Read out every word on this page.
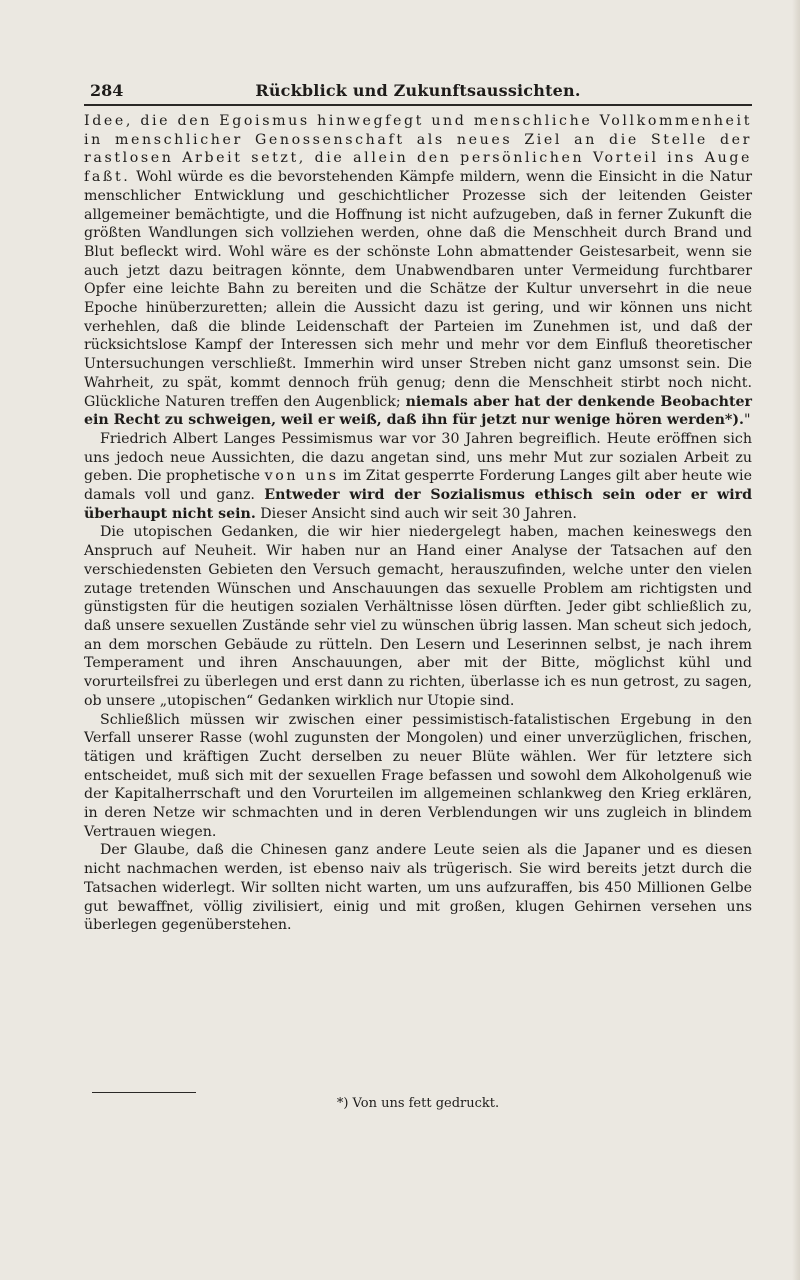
284	Rückblick und Zukunftsaussichten.

Idee, die den Egoismus hinwegfegt und menschliche Vollkommenheit in menschlicher Genossenschaft als neues Ziel an die Stelle der rastlosen Arbeit setzt, die allein den persönlichen Vorteil ins Auge faßt. Wohl würde es die bevorstehenden Kämpfe mildern, wenn die Einsicht in die Natur menschlicher Entwicklung und geschichtlicher Prozesse sich der leitenden Geister allgemeiner bemächtigte, und die Hoffnung ist nicht aufzugeben, daß in ferner Zukunft die größten Wandlungen sich vollziehen werden, ohne daß die Menschheit durch Brand und Blut befleckt wird. Wohl wäre es der schönste Lohn abmattender Geistesarbeit, wenn sie auch jetzt dazu beitragen könnte, dem Unabwendbaren unter Vermeidung furchtbarer Opfer eine leichte Bahn zu bereiten und die Schätze der Kultur unversehrt in die neue Epoche hinüberzuretten; allein die Aussicht dazu ist gering, und wir können uns nicht verhehlen, daß die blinde Leidenschaft der Parteien im Zunehmen ist, und daß der rücksichtslose Kampf der Interessen sich mehr und mehr vor dem Einfluß theoretischer Untersuchungen verschließt. Immerhin wird unser Streben nicht ganz umsonst sein. Die Wahrheit, zu spät, kommt dennoch früh genug; denn die Menschheit stirbt noch nicht. Glückliche Naturen treffen den Augenblick; niemals aber hat der denkende Beobachter ein Recht zu schweigen, weil er weiß, daß ihn für jetzt nur wenige hören werden*)."

Friedrich Albert Langes Pessimismus war vor 30 Jahren begreiflich. Heute eröffnen sich uns jedoch neue Aussichten, die dazu angetan sind, uns mehr Mut zur sozialen Arbeit zu geben. Die prophetische von uns im Zitat gesperrte Forderung Langes gilt aber heute wie damals voll und ganz. Entweder wird der Sozialismus ethisch sein oder er wird überhaupt nicht sein. Dieser Ansicht sind auch wir seit 30 Jahren.

Die utopischen Gedanken, die wir hier niedergelegt haben, machen keineswegs den Anspruch auf Neuheit. Wir haben nur an Hand einer Analyse der Tatsachen auf den verschiedensten Gebieten den Versuch gemacht, herauszufinden, welche unter den vielen zutage tretenden Wünschen und Anschauungen das sexuelle Problem am richtigsten und günstigsten für die heutigen sozialen Verhältnisse lösen dürften. Jeder gibt schließlich zu, daß unsere sexuellen Zustände sehr viel zu wünschen übrig lassen. Man scheut sich jedoch, an dem morschen Gebäude zu rütteln. Den Lesern und Leserinnen selbst, je nach ihrem Temperament und ihren Anschauungen, aber mit der Bitte, möglichst kühl und vorurteilsfrei zu überlegen und erst dann zu richten, überlasse ich es nun getrost, zu sagen, ob unsere „utopischen“ Gedanken wirklich nur Utopie sind.

Schließlich müssen wir zwischen einer pessimistisch-fatalistischen Ergebung in den Verfall unserer Rasse (wohl zugunsten der Mongolen) und einer unverzüglichen, frischen, tätigen und kräftigen Zucht derselben zu neuer Blüte wählen. Wer für letztere sich entscheidet, muß sich mit der sexuellen Frage befassen und sowohl dem Alkoholgenuß wie der Kapitalherrschaft und den Vorurteilen im allgemeinen schlankweg den Krieg erklären, in deren Netze wir schmachten und in deren Verblendungen wir uns zugleich in blindem Vertrauen wiegen.

Der Glaube, daß die Chinesen ganz andere Leute seien als die Japaner und es diesen nicht nachmachen werden, ist ebenso naiv als trügerisch. Sie wird bereits jetzt durch die Tatsachen widerlegt. Wir sollten nicht warten, um uns aufzuraffen, bis 450 Millionen Gelbe gut bewaffnet, völlig zivilisiert, einig und mit großen, klugen Gehirnen versehen uns überlegen gegenüberstehen.

*) Von uns fett gedruckt.
